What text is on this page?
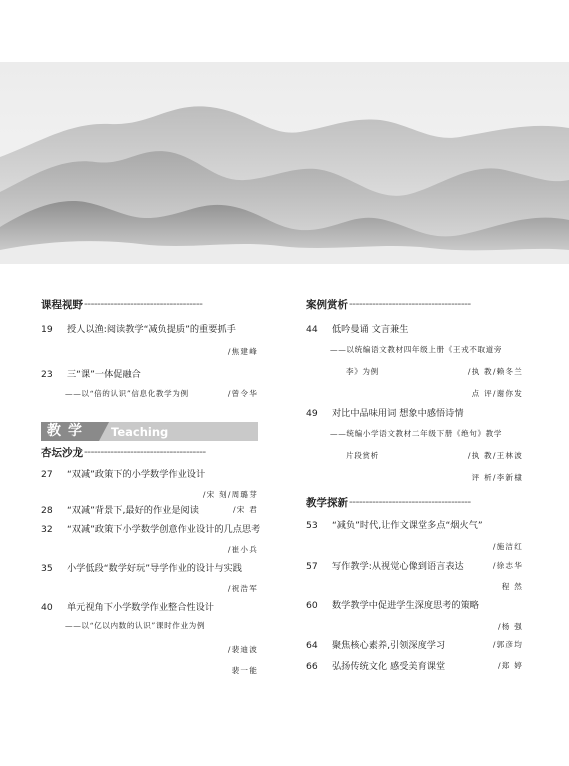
课程视野 ------------------------------------
19	授人以渔:阅读教学“减负提质”的重要抓手
/焦建峰
23	三“课”一体促融合
——以“倍的认识”信息化教学为例	/曾令华
教学	Teaching
杏坛沙龙 -------------------------------------
27	“双减”政策下的小学数学作业设计
/宋 刻/周璐芽
28	“双减”背景下,最好的作业是阅读	/宋 君
32	“双减”政策下小学数学创意作业设计的几点思考
/崔小兵
35	小学低段“数学好玩”导学作业的设计与实践
/祝浩军
40	单元视角下小学数学作业整合性设计
——以“亿以内数的认识”课时作业为例
/裴迪波
裴一能
案例赏析 -------------------------------------
44	低吟曼诵 文言兼生
——以统编语文教材四年级上册《王戎不取道旁
李》为例	/执 教/赖冬兰
点 评/谢你发
49	对比中品味用词 想象中感悟诗情
——统编小学语文教材二年级下册《绝句》教学
片段赏析	/执 教/王林波
评 析/李新棣
教学探新 -------------------------------------
53	“减负”时代,让作文课堂多点“烟火气”
/施洁红
57	写作教学:从视觉心像到语言表达	/徐志华
程 然
60	数学教学中促进学生深度思考的策略
/杨 强
64	聚焦核心素养,引领深度学习	/郭彦均
66	弘扬传统文化 感受美育课堂	/郑 婷
